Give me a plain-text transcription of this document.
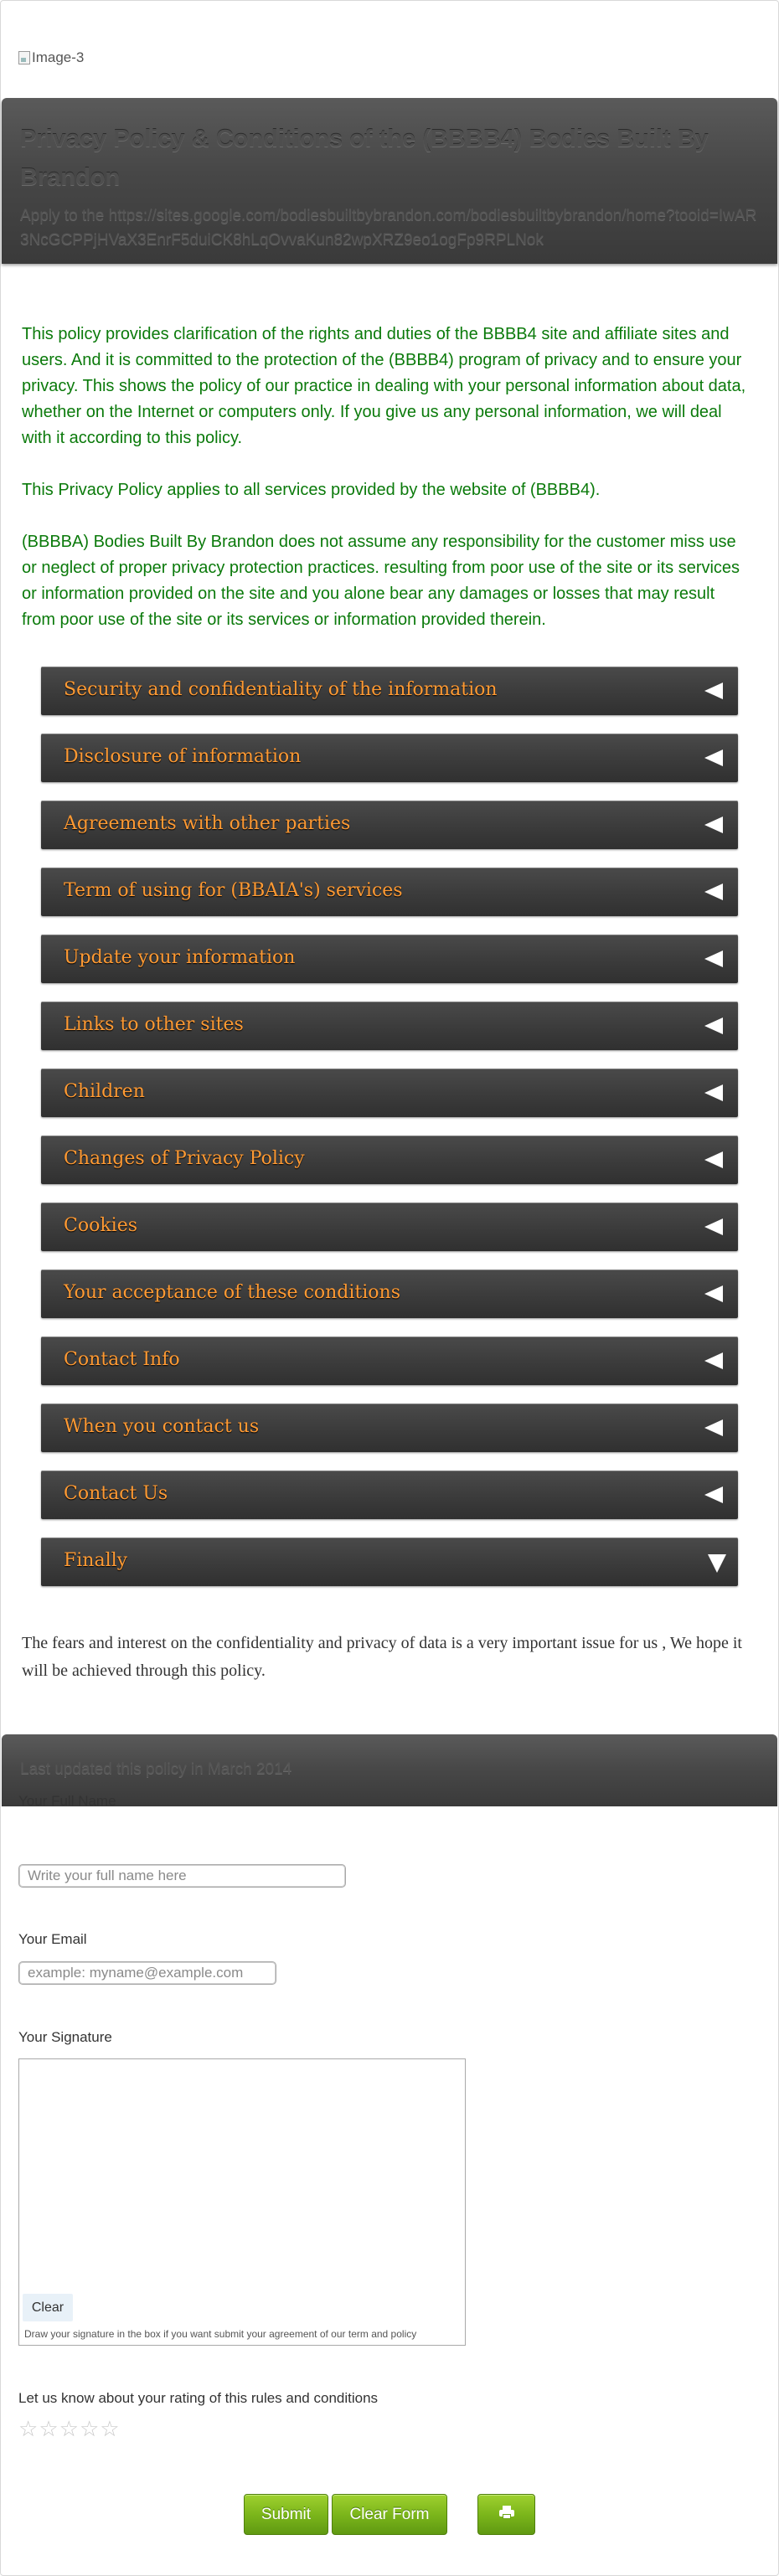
Image-3
Privacy Policy & Conditions of the (BBBB4) Bodies Built By Brandon
Apply to the https://sites.google.com/bodiesbuiltbybrandon.com/bodiesbuiltbybrandon/home?tooid=IwAR3NcGCPPjHVaX3EnrF5duiCK8hLqOvvaKun82wpXRZ9eo1ogFp9RPLNok

This policy provides clarification of the rights and duties of the BBBB4 site and affiliate sites and users. And it is committed to the protection of the (BBBB4) program of privacy and to ensure your privacy. This shows the policy of our practice in dealing with your personal information about data, whether on the Internet or computers only. If you give us any personal information, we will deal with it according to this policy.

This Privacy Policy applies to all services provided by the website of (BBBB4).

(BBBBA) Bodies Built By Brandon does not assume any responsibility for the customer miss use or neglect of proper privacy protection practices. resulting from poor use of the site or its services or information provided on the site and you alone bear any damages or losses that may result from poor use of the site or its services or information provided therein.

Security and confidentiality of the information
Disclosure of information
Agreements with other parties
Term of using for (BBAIA's) services
Update your information
Links to other sites
Children
Changes of Privacy Policy
Cookies
Your acceptance of these conditions
Contact Info
When you contact us
Contact Us
Finally
The fears and interest on the confidentiality and privacy of data is a very important issue for us , We hope it will be achieved through this policy.
Last updated this policy in March 2014
Your Full Name
Write your full name here
Your Email
example: myname@example.com
Your Signature
Clear
Draw your signature in the box if you want submit your agreement of our term and policy
Let us know about your rating of this rules and conditions
☆ ☆ ☆ ☆ ☆
Submit	Clear Form
